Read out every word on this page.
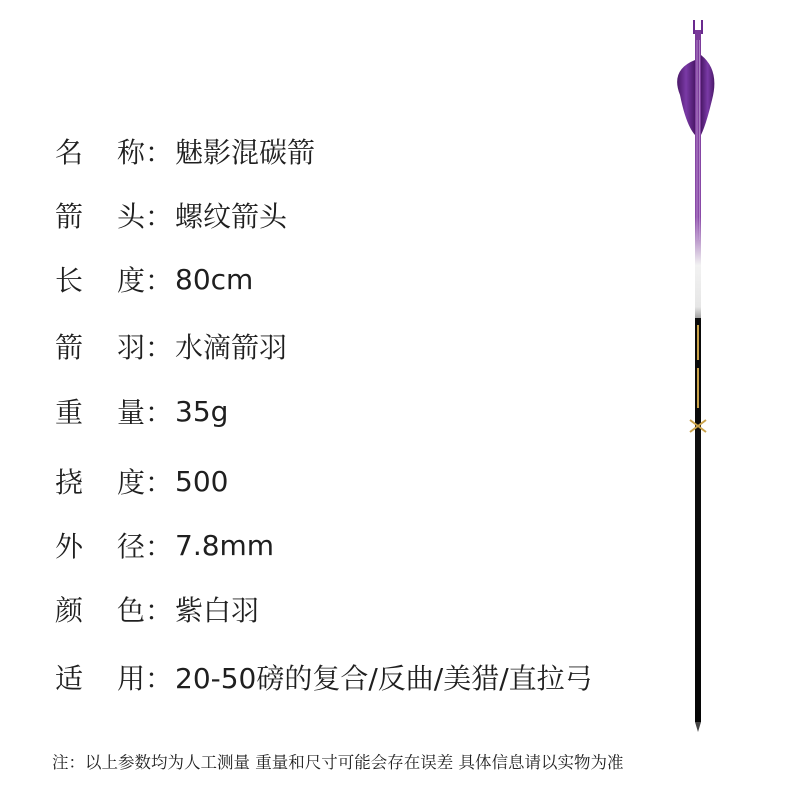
名 称： 魅影混碳箭
箭 头： 螺纹箭头
长 度： 80cm
箭 羽： 水滴箭羽
重 量： 35g
挠 度： 500
外 径： 7.8mm
颜 色： 紫白羽
适 用： 20-50磅的复合/反曲/美猎/直拉弓
注：以上参数均为人工测量 重量和尺寸可能会存在误差 具体信息请以实物为准
